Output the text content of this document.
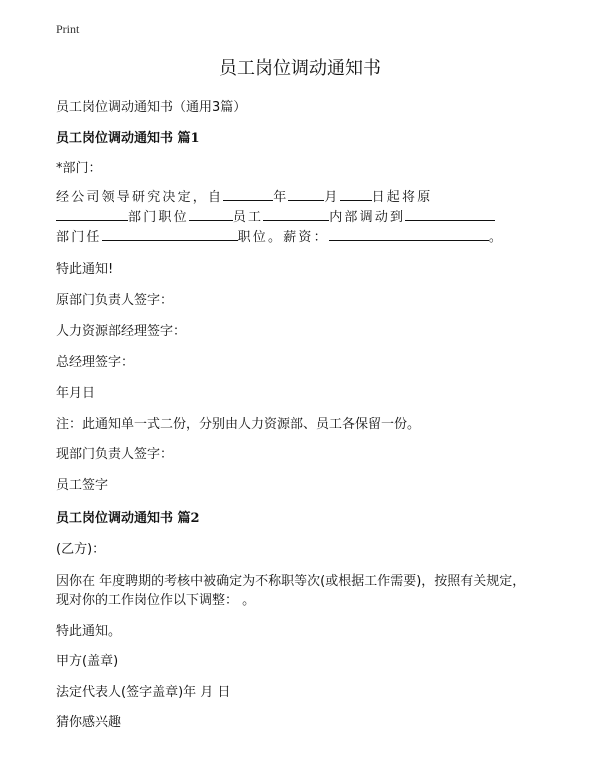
Print
员工岗位调动通知书

员工岗位调动通知书（通用3篇）

员工岗位调动通知书 篇1

*部门：

经公司领导研究决定，自	年	月 日起将原
部门职位	员工	内部调动到
部门任	职位。薪资：	。

特此通知!

原部门负责人签字：

人力资源部经理签字：

总经理签字：

年月日

注：此通知单一式二份，分别由人力资源部、员工各保留一份。

现部门负责人签字：

员工签字

员工岗位调动通知书 篇2

(乙方)：

因你在 年度聘期的考核中被确定为不称职等次(或根据工作需要)，按照有关规定，

现对你的工作岗位作以下调整： 。

特此通知。

甲方(盖章)

法定代表人(签字盖章)年 月 日

猜你感兴趣
